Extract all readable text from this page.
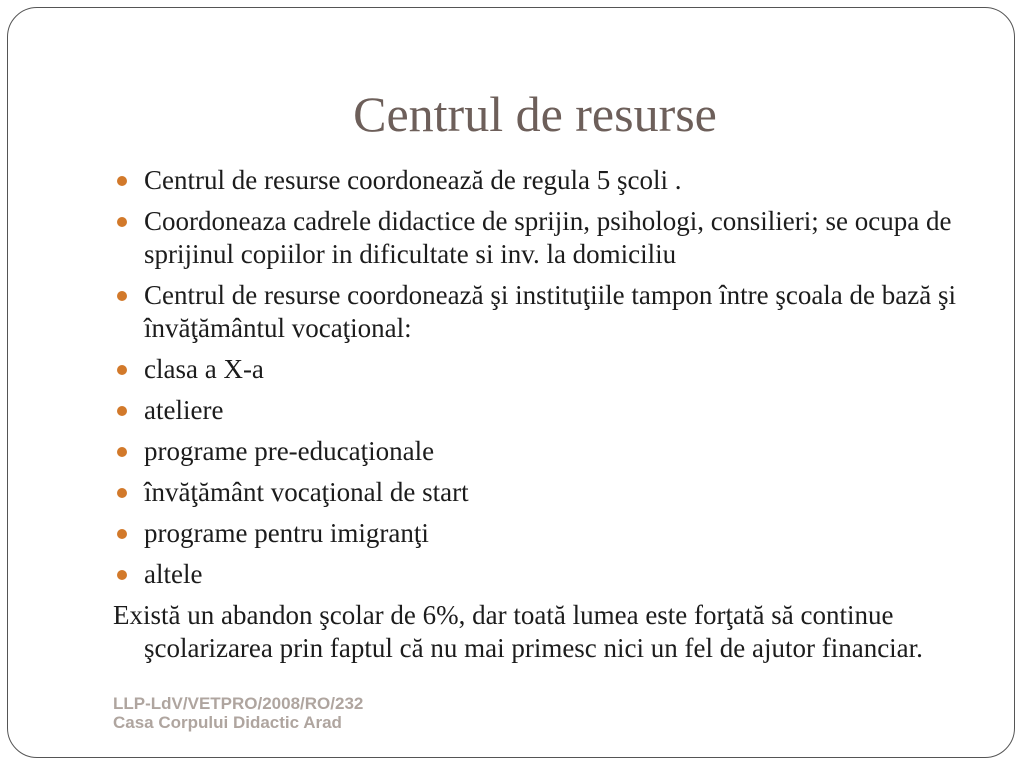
Centrul de resurse
Centrul de resurse coordonează de regula 5 şcoli .
Coordoneaza cadrele didactice de sprijin, psihologi, consilieri; se ocupa de sprijinul copiilor in dificultate si inv. la domiciliu
Centrul de resurse coordonează şi instituţiile tampon între şcoala de bază şi învăţământul vocaţional:
clasa a X-a
ateliere
programe pre-educaţionale
învăţământ vocaţional de start
programe pentru imigranţi
altele

Există un abandon şcolar de 6%, dar toată lumea este forţată să continue şcolarizarea prin faptul că nu mai primesc nici un fel de ajutor financiar.

LLP-LdV/VETPRO/2008/RO/232
Casa Corpului Didactic Arad
